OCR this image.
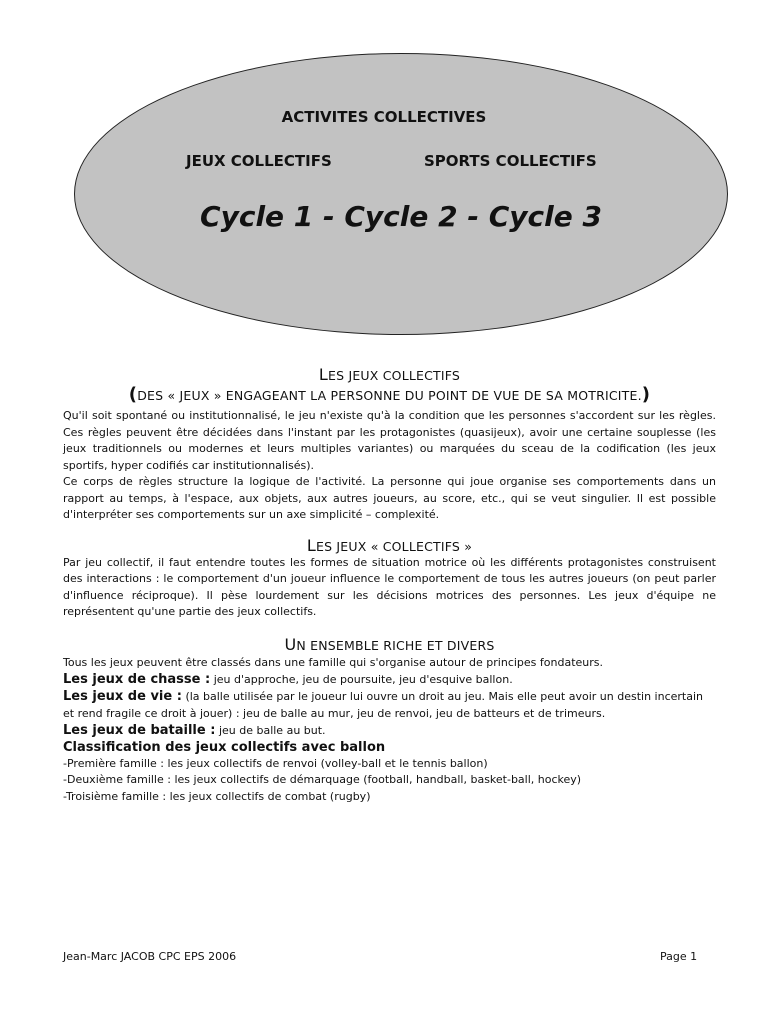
ACTIVITES COLLECTIVES
JEUX COLLECTIFS	SPORTS COLLECTIFS
Cycle 1 - Cycle 2 - Cycle 3
LES JEUX COLLECTIFS
(DES « JEUX » ENGAGEANT LA PERSONNE DU POINT DE VUE DE SA MOTRICITE.)

Qu'il soit spontané ou institutionnalisé, le jeu n'existe qu'à la condition que les personnes s'accordent sur les règles. Ces règles peuvent être décidées dans l'instant par les protagonistes (quasijeux), avoir une certaine souplesse (les jeux traditionnels ou modernes et leurs multiples variantes) ou marquées du sceau de la codification (les jeux sportifs, hyper codifiés car institutionnalisés).

Ce corps de règles structure la logique de l'activité. La personne qui joue organise ses comportements dans un rapport au temps, à l'espace, aux objets, aux autres joueurs, au score, etc., qui se veut singulier. Il est possible d'interpréter ses comportements sur un axe simplicité – complexité.

LES JEUX « COLLECTIFS »

Par jeu collectif, il faut entendre toutes les formes de situation motrice où les différents protagonistes construisent des interactions : le comportement d'un joueur influence le comportement de tous les autres joueurs (on peut parler d'influence réciproque). Il pèse lourdement sur les décisions motrices des personnes. Les jeux d'équipe ne représentent qu'une partie des jeux collectifs.

UN ENSEMBLE RICHE ET DIVERS
Tous les jeux peuvent être classés dans une famille qui s'organise autour de principes fondateurs.
Les jeux de chasse : jeu d'approche, jeu de poursuite, jeu d'esquive ballon.
Les jeux de vie : (la balle utilisée par le joueur lui ouvre un droit au jeu. Mais elle peut avoir un destin incertain et rend fragile ce droit à jouer) : jeu de balle au mur, jeu de renvoi, jeu de batteurs et de trimeurs.
Les jeux de bataille : jeu de balle au but.
Classification des jeux collectifs avec ballon
-Première famille : les jeux collectifs de renvoi (volley-ball et le tennis ballon)
-Deuxième famille : les jeux collectifs de démarquage (football, handball, basket-ball, hockey)
-Troisième famille : les jeux collectifs de combat (rugby)
Jean-Marc JACOB CPC EPS 2006	Page 1
